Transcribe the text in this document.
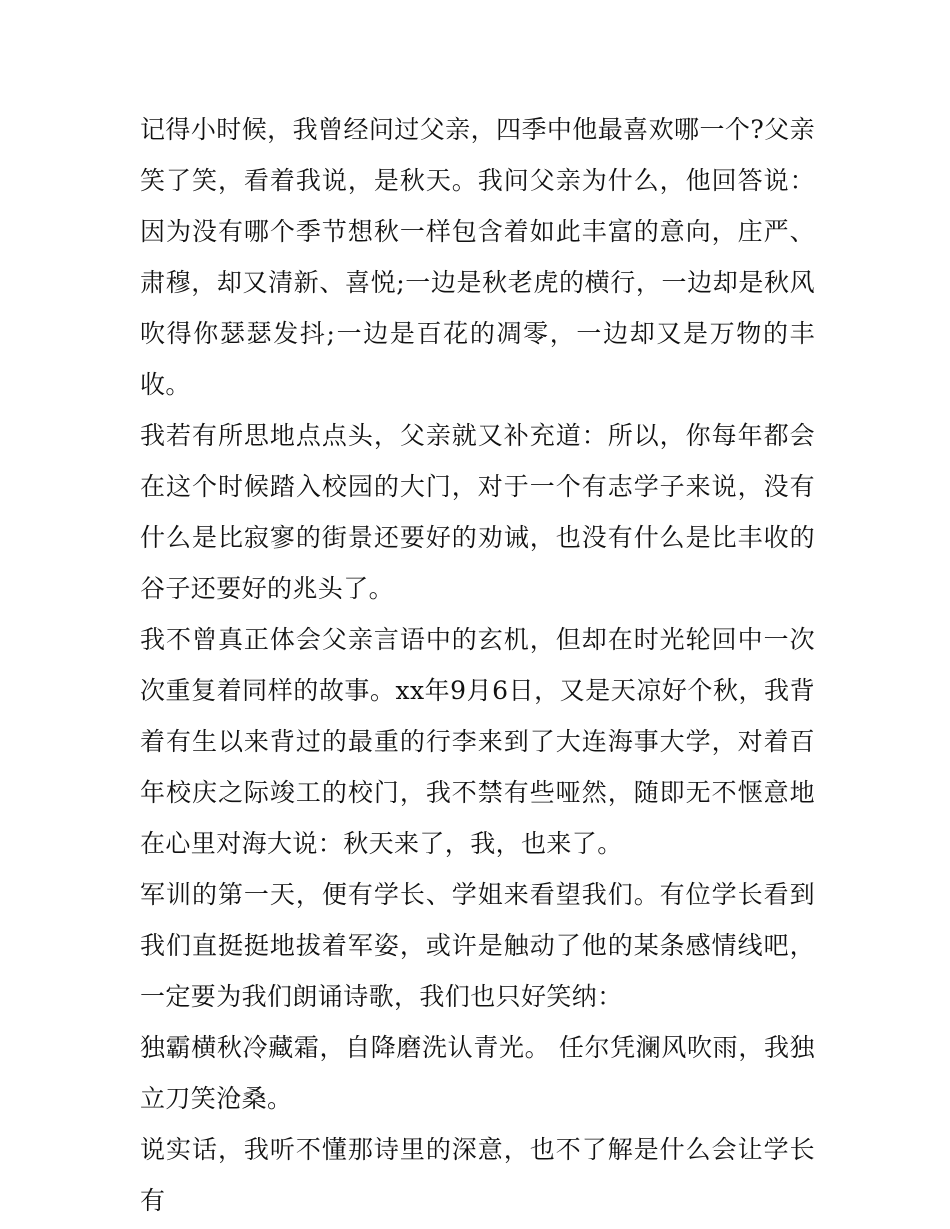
记得小时候，我曾经问过父亲，四季中他最喜欢哪一个?父亲笑了笑，看着我说，是秋天。我问父亲为什么，他回答说：因为没有哪个季节想秋一样包含着如此丰富的意向，庄严、肃穆，却又清新、喜悦;一边是秋老虎的横行，一边却是秋风吹得你瑟瑟发抖;一边是百花的凋零，一边却又是万物的丰收。

我若有所思地点点头，父亲就又补充道：所以，你每年都会在这个时候踏入校园的大门，对于一个有志学子来说，没有什么是比寂寥的街景还要好的劝诫，也没有什么是比丰收的谷子还要好的兆头了。

我不曾真正体会父亲言语中的玄机，但却在时光轮回中一次次重复着同样的故事。xx年9月6日，又是天凉好个秋，我背着有生以来背过的最重的行李来到了大连海事大学，对着百年校庆之际竣工的校门，我不禁有些哑然，随即无不惬意地在心里对海大说：秋天来了，我，也来了。

军训的第一天，便有学长、学姐来看望我们。有位学长看到我们直挺挺地拔着军姿，或许是触动了他的某条感情线吧，一定要为我们朗诵诗歌，我们也只好笑纳：

独霸横秋冷藏霜，自降磨洗认青光。 任尔凭澜风吹雨，我独立刀笑沧桑。

说实话，我听不懂那诗里的深意，也不了解是什么会让学长有
